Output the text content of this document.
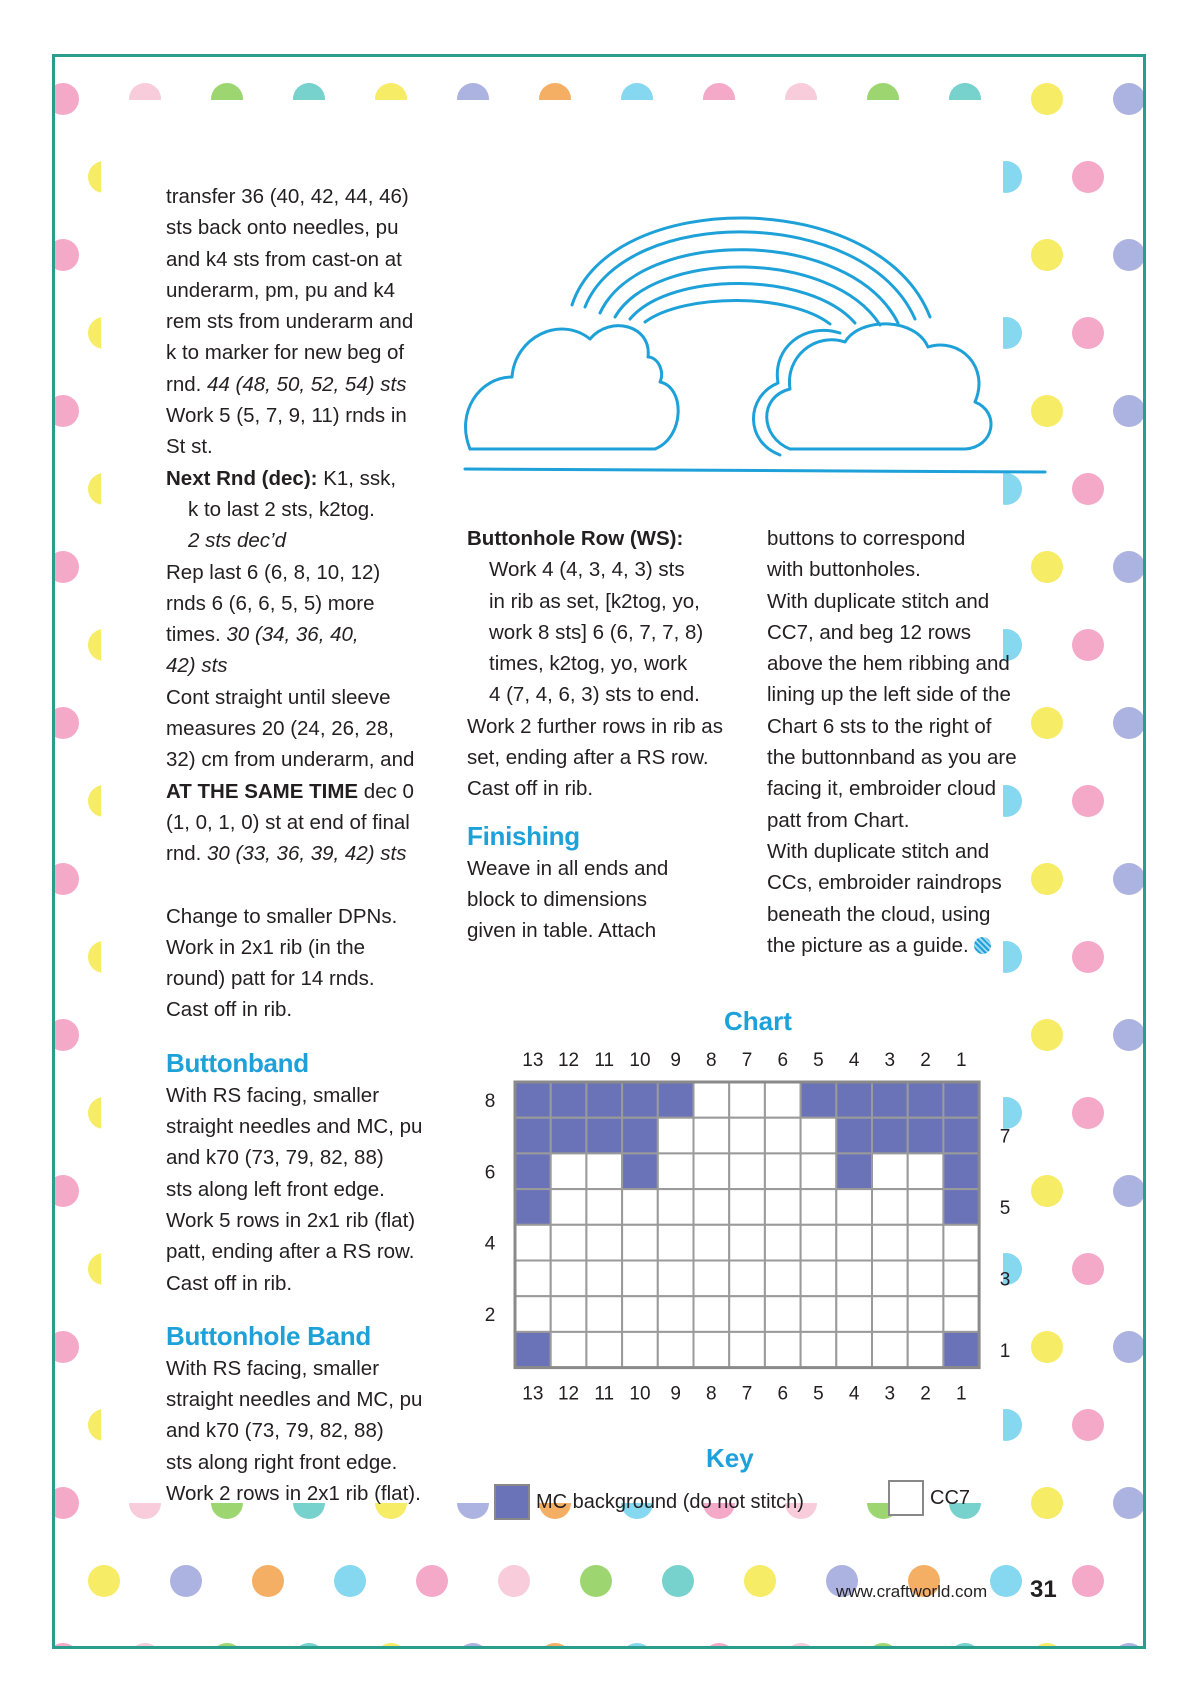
transfer 36 (40, 42, 44, 46)

sts back onto needles, pu

and k4 sts from cast-on at

underarm, pm, pu and k4

rem sts from underarm and

k to marker for new beg of

rnd. 44 (48, 50, 52, 54) sts

Work 5 (5, 7, 9, 11) rnds in

St st.

Next Rnd (dec): K1, ssk,

k to last 2 sts, k2tog.

2 sts dec’d

Rep last 6 (6, 8, 10, 12)

rnds 6 (6, 6, 5, 5) more

times. 30 (34, 36, 40,

42) sts

Cont straight until sleeve

measures 20 (24, 26, 28,

32) cm from underarm, and

AT THE SAME TIME dec 0

(1, 0, 1, 0) st at end of final

rnd. 30 (33, 36, 39, 42) sts

Change to smaller DPNs.

Work in 2x1 rib (in the

round) patt for 14 rnds.

Cast off in rib.

Buttonband

With RS facing, smaller

straight needles and MC, pu

and k70 (73, 79, 82, 88)

sts along left front edge.

Work 5 rows in 2x1 rib (flat)

patt, ending after a RS row.

Cast off in rib.

Buttonhole Band

With RS facing, smaller

straight needles and MC, pu

and k70 (73, 79, 82, 88)

sts along right front edge.

Work 2 rows in 2x1 rib (flat).

Buttonhole Row (WS):

Work 4 (4, 3, 4, 3) sts

in rib as set, [k2tog, yo,

work 8 sts] 6 (6, 7, 7, 8)

times, k2tog, yo, work

4 (7, 4, 6, 3) sts to end.

Work 2 further rows in rib as

set, ending after a RS row.

Cast off in rib.

Finishing

Weave in all ends and

block to dimensions

given in table. Attach

buttons to correspond

with buttonholes.

With duplicate stitch and

CC7, and beg 12 rows

above the hem ribbing and

lining up the left side of the

Chart 6 sts to the right of

the buttonnband as you are

facing it, embroider cloud

patt from Chart.

With duplicate stitch and

CCs, embroider raindrops

beneath the cloud, using

the picture as a guide.

Chart
13
13
12
12
11
11
10
10
9
9
8
8
7
7
6
6
5
5
4
4
3
3
2
2
1
1
8
6
4
2
7
5
3
1
Key
MC background (do not stitch)	CC7
www.craftworld.com 31
